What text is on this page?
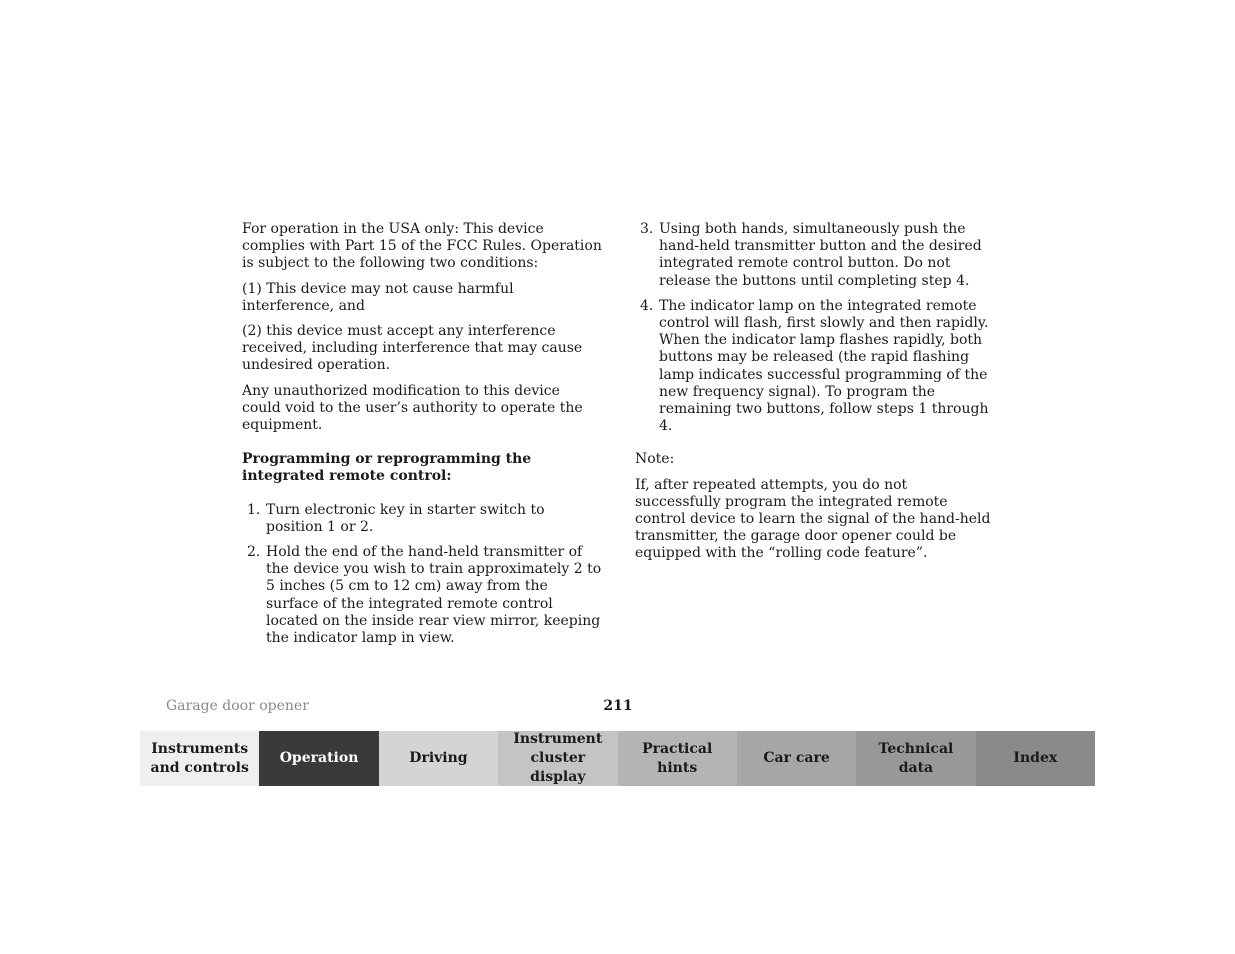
For operation in the USA only: This device complies with Part 15 of the FCC Rules. Operation is subject to the following two conditions:

(1) This device may not cause harmful interference, and

(2) this device must accept any interference received, including interference that may cause undesired operation.

Any unauthorized modification to this device could void to the user’s authority to operate the equipment.

Programming or reprogramming the integrated remote control:

1. Turn electronic key in starter switch to position 1 or 2.
2. Hold the end of the hand-held transmitter of the device you wish to train approximately 2 to 5 inches (5 cm to 12 cm) away from the surface of the integrated remote control located on the inside rear view mirror, keeping the indicator lamp in view.
3. Using both hands, simultaneously push the hand-held transmitter button and the desired integrated remote control button. Do not release the buttons until completing step 4.
4. The indicator lamp on the integrated remote control will flash, first slowly and then rapidly. When the indicator lamp flashes rapidly, both buttons may be released (the rapid flashing lamp indicates successful programming of the new frequency signal). To program the remaining two buttons, follow steps 1 through 4.

Note:

If, after repeated attempts, you do not successfully program the integrated remote control device to learn the signal of the hand-held transmitter, the garage door opener could be equipped with the “rolling code feature”.

Garage door opener	211
Instruments
and controls
Operation	Driving
Instrument
cluster display
Practical hints
Car care
Technical
data
Index
